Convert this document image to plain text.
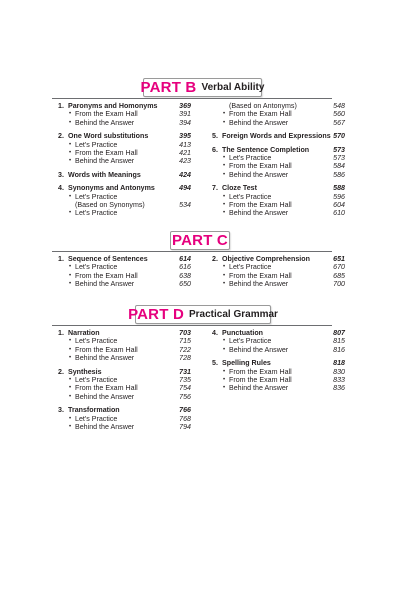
PART B Verbal Ability
1. Paronyms and Homonyms	369
• From the Exam Hall	391
• Behind the Answer	394
2. One Word substitutions	395
• Let's Practice	413
• From the Exam Hall	421
• Behind the Answer	423
3. Words with Meanings	424
4. Synonyms and Antonyms	494
• Let's Practice
(Based on Synonyms)	534
• Let's Practice
(Based on Antonyms)	548
• From the Exam Hall	560
• Behind the Answer	567
5. Foreign Words and Expressions 570
6. The Sentence Completion	573
• Let's Practice	573
• From the Exam Hall	584
• Behind the Answer	586
7. Cloze Test	588
• Let's Practice	596
• From the Exam Hall	604
• Behind the Answer	610
PART C
1. Sequence of Sentences	614
• Let's Practice	616
• From the Exam Hall	638
• Behind the Answer	650
2. Objective Comprehension	651
• Let's Practice	670
• From the Exam Hall	685
• Behind the Answer	700
PART D Practical Grammar
1. Narration	703
• Let's Practice	715
• From the Exam Hall	722
• Behind the Answer	728
2. Synthesis	731
• Let's Practice	735
• From the Exam Hall	754
• Behind the Answer	756
3. Transformation	766
• Let's Practice	768
• Behind the Answer	794
4. Punctuation	807
• Let's Practice	815
• Behind the Answer	816
5. Spelling Rules	818
• From the Exam Hall	830
• From the Exam Hall	833
• Behind the Answer	836
